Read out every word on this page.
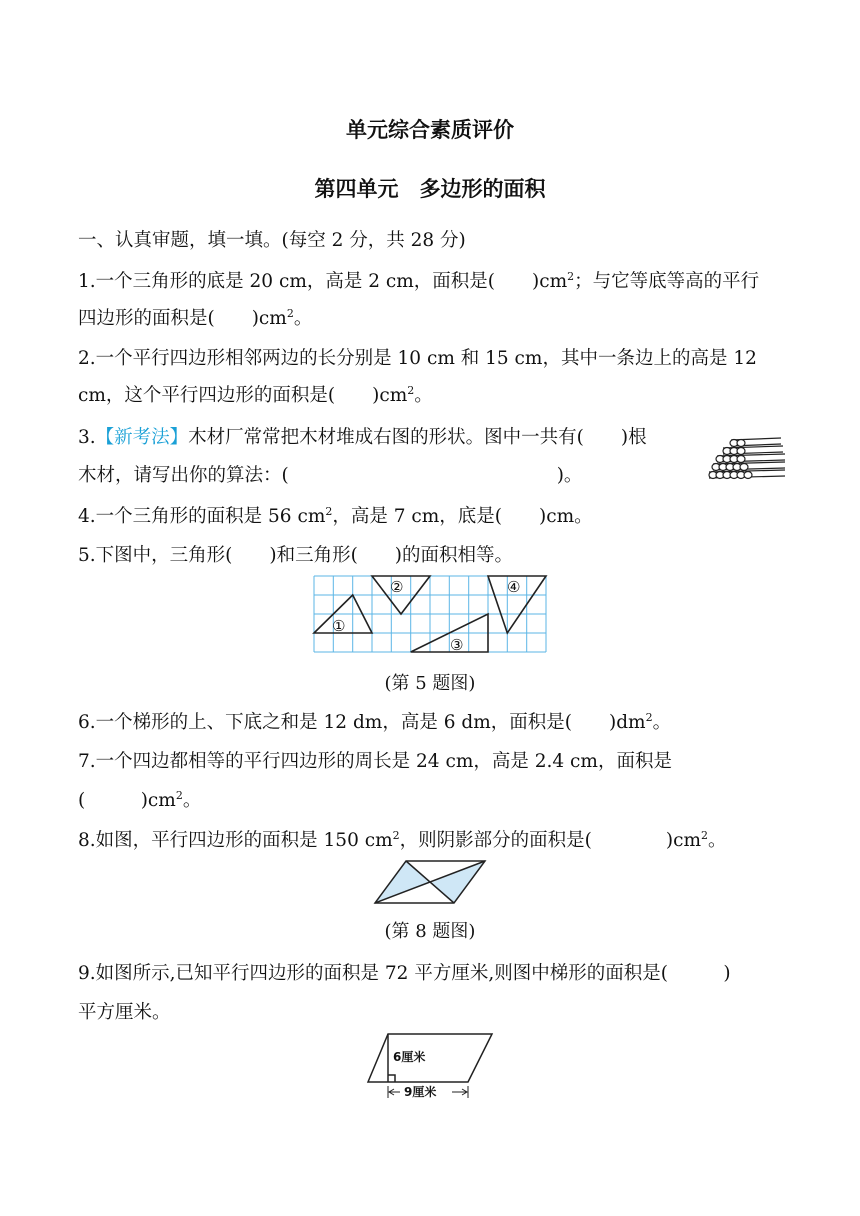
单元综合素质评价
第四单元　多边形的面积
一、认真审题，填一填。(每空 2 分，共 28 分)
1.一个三角形的底是 20 cm，高是 2 cm，面积是(　　)$cm^2$；与它等底等高的平行
四边形的面积是(　　)$cm^2$。
2.一个平行四边形相邻两边的长分别是 10 cm 和 15 cm，其中一条边上的高是 12
cm，这个平行四边形的面积是(　　)$cm^2$。
3.【新考法】木材厂常常把木材堆成右图的形状。图中一共有(　　)根
木材，请写出你的算法：(	)。
4.一个三角形的面积是 56 $cm^2$，高是 7 cm，底是(　　)cm。
5.下图中，三角形(　　)和三角形(　　)的面积相等。
①
②
③
④
(第 5 题图)
6.一个梯形的上、下底之和是 12 dm，高是 6 dm，面积是(　　)$dm^2$。
7.一个四边都相等的平行四边形的周长是 24 cm，高是 2.4 cm，面积是
(　　　)$cm^2$。
8.如图，平行四边形的面积是 150 $cm^2$，则阴影部分的面积是(　　　　)$cm^2$。
(第 8 题图)
9.如图所示,已知平行四边形的面积是 72 平方厘米,则图中梯形的面积是(　　　)
平方厘米。
6厘米
9厘米
